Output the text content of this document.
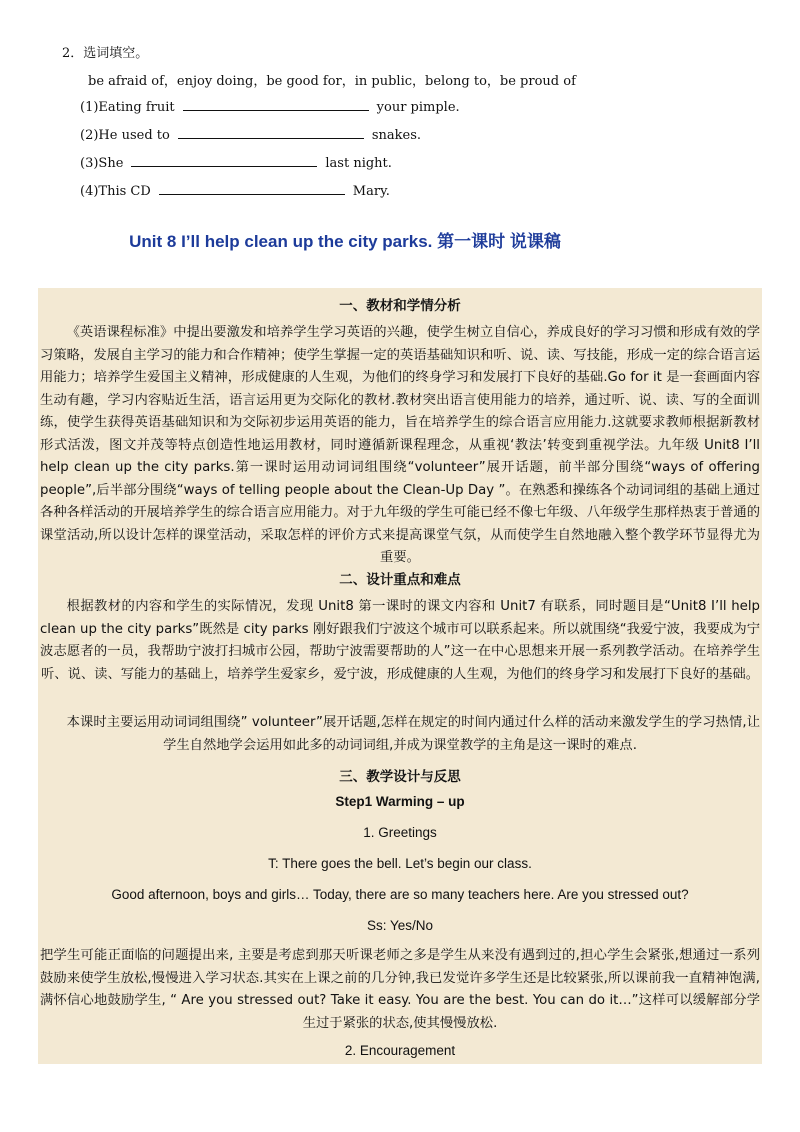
2．选词填空。
be afraid of，enjoy doing，be good for，in public，belong to，be proud of
(1)Eating fruit	your pimple.
(2)He used to	snakes.
(3)She	last night.
(4)This CD	Mary.
Unit 8 I’ll help clean up the city parks. 第一课时 说课稿
一、教材和学情分析
《英语课程标准》中提出要激发和培养学生学习英语的兴趣，使学生树立自信心，养成良好的学习习惯和形成有效的学习策略，发展自主学习的能力和合作精神；使学生掌握一定的英语基础知识和听、说、读、写技能，形成一定的综合语言运用能力；培养学生爱国主义精神，形成健康的人生观，为他们的终身学习和发展打下良好的基础.Go for it 是一套画面内容生动有趣，学习内容贴近生活，语言运用更为交际化的教材.教材突出语言使用能力的培养，通过听、说、读、写的全面训练，使学生获得英语基础知识和为交际初步运用英语的能力，旨在培养学生的综合语言应用能力.这就要求教师根据新教材形式活泼，图文并茂等特点创造性地运用教材，同时遵循新课程理念，从重视‘教法’转变到重视学法。九年级 Unit8 I’ll help clean up the city parks.第一课时运用动词词组围绕“volunteer”展开话题，前半部分围绕“ways of offering people”,后半部分围绕“ways of telling people about the Clean-Up Day ”。在熟悉和操练各个动词词组的基础上通过各种各样活动的开展培养学生的综合语言应用能力。对于九年级的学生可能已经不像七年级、八年级学生那样热衷于普通的课堂活动,所以设计怎样的课堂活动，采取怎样的评价方式来提高课堂气氛，从而使学生自然地融入整个教学环节显得尤为重要。
二、设计重点和难点
根据教材的内容和学生的实际情况，发现 Unit8 第一课时的课文内容和 Unit7 有联系，同时题目是“Unit8 I’ll help clean up the city parks”既然是 city parks 刚好跟我们宁波这个城市可以联系起来。所以就围绕“我爱宁波，我要成为宁波志愿者的一员，我帮助宁波打扫城市公园，帮助宁波需要帮助的人”这一在中心思想来开展一系列教学活动。在培养学生听、说、读、写能力的基础上，培养学生爱家乡，爱宁波，形成健康的人生观，为他们的终身学习和发展打下良好的基础。
本课时主要运用动词词组围绕” volunteer”展开话题,怎样在规定的时间内通过什么样的活动来激发学生的学习热情,让学生自然地学会运用如此多的动词词组,并成为课堂教学的主角是这一课时的难点.
三、教学设计与反思
Step1 Warming – up
1. Greetings
T: There goes the bell. Let’s begin our class.
Good afternoon, boys and girls… Today, there are so many teachers here. Are you stressed out?
Ss: Yes/No
把学生可能正面临的问题提出来, 主要是考虑到那天听课老师之多是学生从来没有遇到过的,担心学生会紧张,想通过一系列鼓励来使学生放松,慢慢进入学习状态.其实在上课之前的几分钟,我已发觉许多学生还是比较紧张,所以课前我一直精神饱满,满怀信心地鼓励学生, “ Are you stressed out? Take it easy. You are the best. You can do it…”这样可以缓解部分学生过于紧张的状态,使其慢慢放松.
2. Encouragement
